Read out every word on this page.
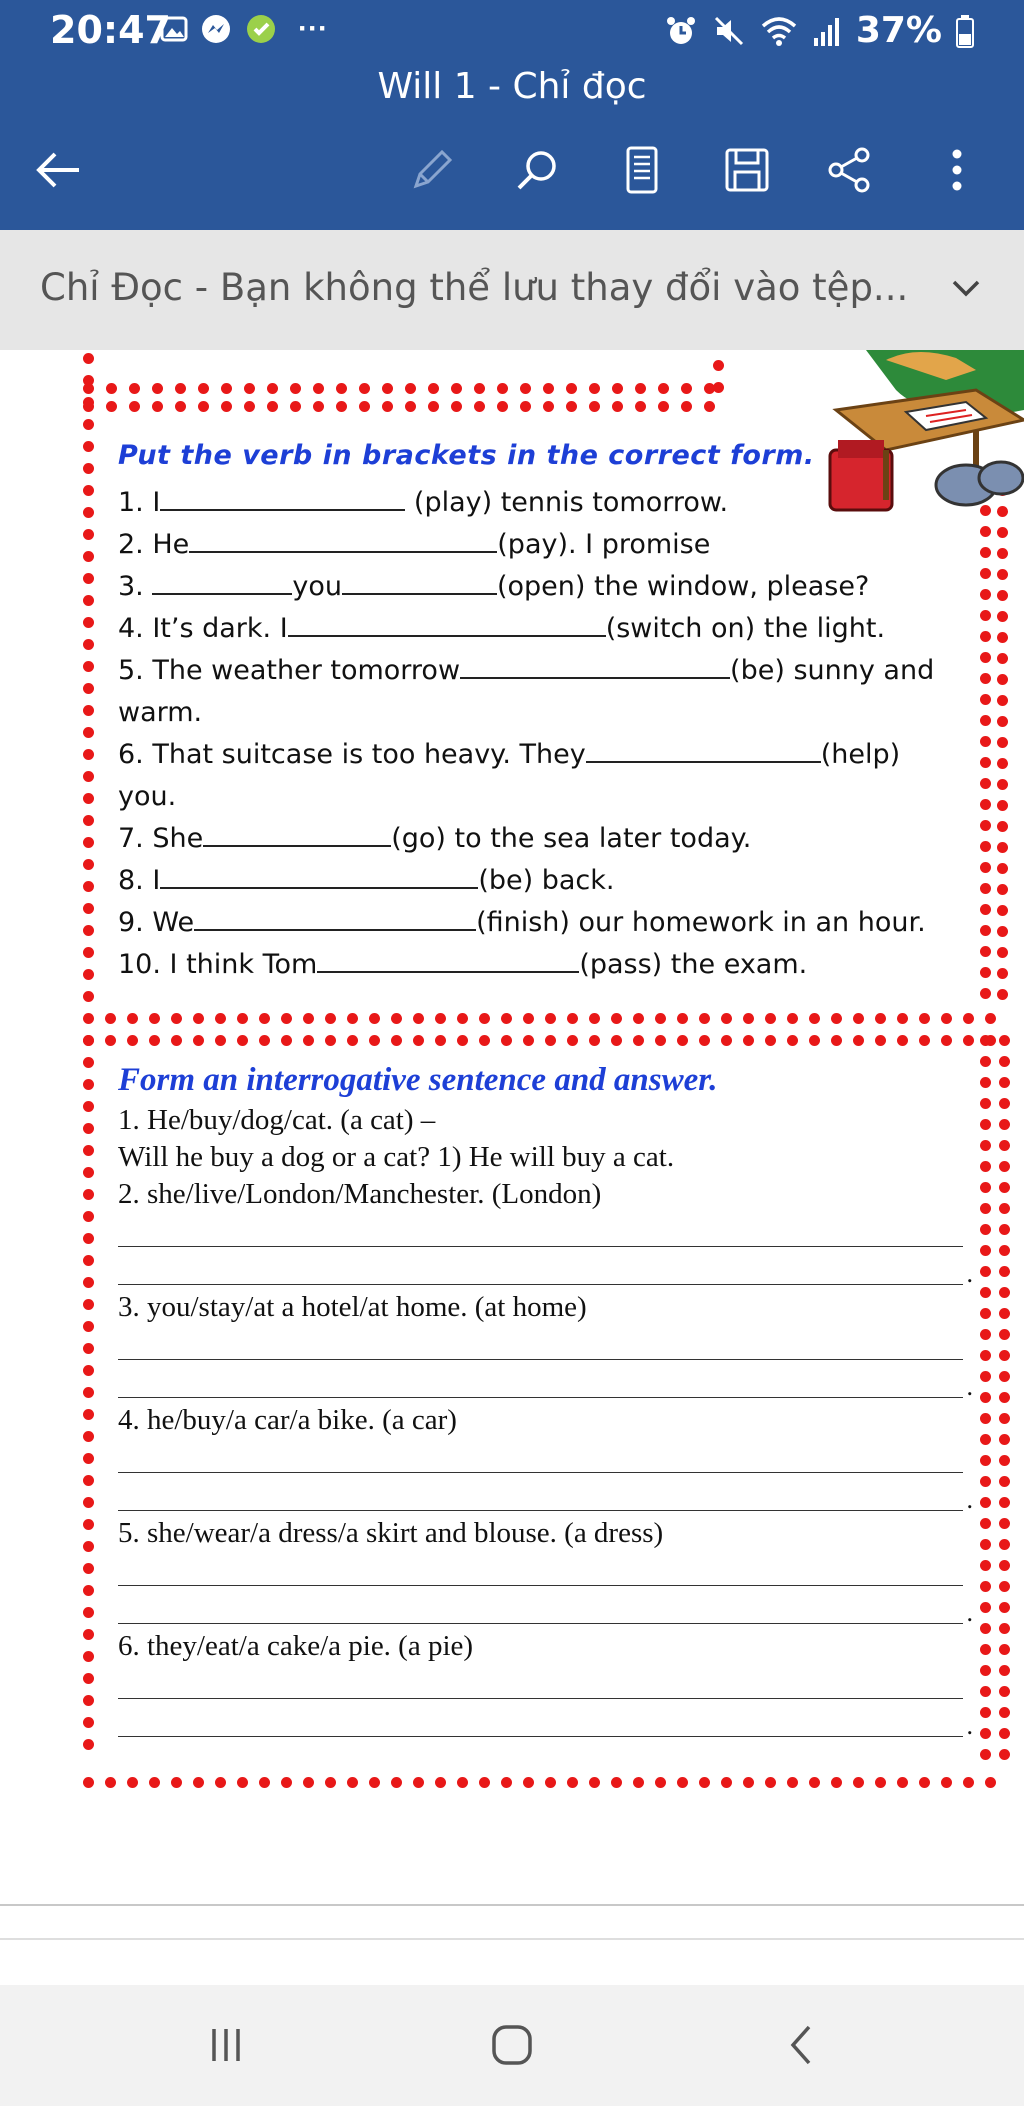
20:47	···	37%
Will 1 - Chỉ đọc
Chỉ Đọc - Bạn không thể lưu thay đổi vào tệp...
Put the verb in brackets in the correct form.
1. I	(play) tennis tomorrow.
2. He	(pay). I promise
3.	you	(open) the window, please?
4. It’s dark. I	(switch on) the light.
5. The weather tomorrow	(be) sunny and
warm.
6. That suitcase is too heavy. They	(help)
you.
7. She	(go) to the sea later today.
8. I	(be) back.
9. We	(finish) our homework in an hour.
10. I think Tom	(pass) the exam.
Form an interrogative sentence and answer.
1. He/buy/dog/cat. (a cat) –
Will he buy a dog or a cat? 1) He will buy a cat.
2. she/live/London/Manchester. (London)
.
3. you/stay/at a hotel/at home. (at home)
.
4. he/buy/a car/a bike. (a car)
.
5. she/wear/a dress/a skirt and blouse. (a dress)
.
6. they/eat/a cake/a pie. (a pie)
.
